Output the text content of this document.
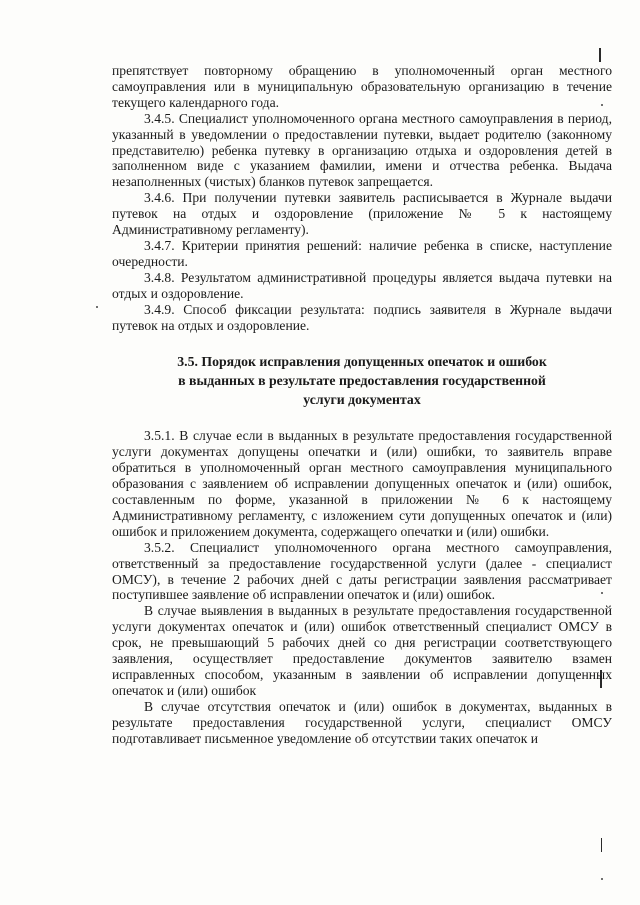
препятствует повторному обращению в уполномоченный орган местного самоуправления или в муниципальную образовательную организацию в течение текущего календарного года.

3.4.5. Специалист уполномоченного органа местного самоуправления в период, указанный в уведомлении о предоставлении путевки, выдает родителю (законному представителю) ребенка путевку в организацию отдыха и оздоровления детей в заполненном виде с указанием фамилии, имени и отчества ребенка. Выдача незаполненных (чистых) бланков путевок запрещается.

3.4.6. При получении путевки заявитель расписывается в Журнале выдачи путевок на отдых и оздоровление (приложение № 5 к настоящему Административному регламенту).

3.4.7. Критерии принятия решений: наличие ребенка в списке, наступление очередности.

3.4.8. Результатом административной процедуры является выдача путевки на отдых и оздоровление.

3.4.9. Способ фиксации результата: подпись заявителя в Журнале выдачи путевок на отдых и оздоровление.

3.5. Порядок исправления допущенных опечаток и ошибок
в выданных в результате предоставления государственной
услуги документах

3.5.1. В случае если в выданных в результате предоставления государственной услуги документах допущены опечатки и (или) ошибки, то заявитель вправе обратиться в уполномоченный орган местного самоуправления муниципального образования с заявлением об исправлении допущенных опечаток и (или) ошибок, составленным по форме, указанной в приложении № 6 к настоящему Административному регламенту, с изложением сути допущенных опечаток и (или) ошибок и приложением документа, содержащего опечатки и (или) ошибки.

3.5.2. Специалист уполномоченного органа местного самоуправления, ответственный за предоставление государственной услуги (далее - специалист ОМСУ), в течение 2 рабочих дней с даты регистрации заявления рассматривает поступившее заявление об исправлении опечаток и (или) ошибок.

В случае выявления в выданных в результате предоставления государственной услуги документах опечаток и (или) ошибок ответственный специалист ОМСУ в срок, не превышающий 5 рабочих дней со дня регистрации соответствующего заявления, осуществляет предоставление документов заявителю взамен исправленных способом, указанным в заявлении об исправлении допущенных опечаток и (или) ошибок

В случае отсутствия опечаток и (или) ошибок в документах, выданных в результате предоставления государственной услуги, специалист ОМСУ подготавливает письменное уведомление об отсутствии таких опечаток и
